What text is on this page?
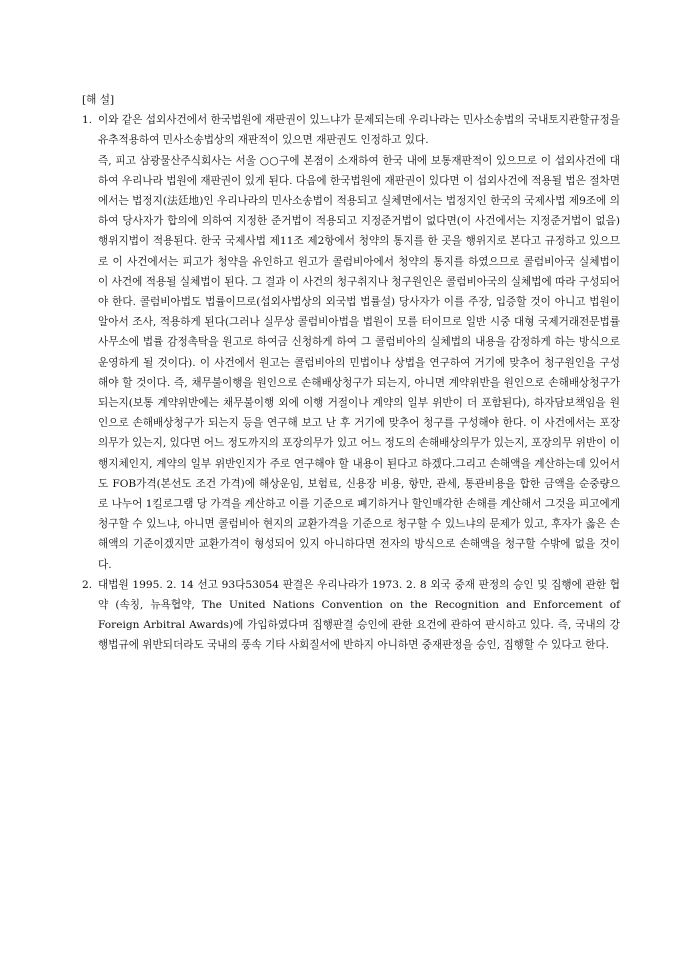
[해 설]
1. 이와 같은 섭외사건에서 한국법원에 재판권이 있느냐가 문제되는데 우리나라는 민사소송법의 국내토지관할규정을 유추적용하여 민사소송법상의 재판적이 있으면 재판권도 인정하고 있다.

즉, 피고 삼광물산주식회사는 서울 ○○구에 본점이 소재하여 한국 내에 보통재판적이 있으므로 이 섭외사건에 대하여 우리나라 법원에 재판권이 있게 된다. 다음에 한국법원에 재판권이 있다면 이 섭외사건에 적용될 법은 절차면에서는 법정지(法廷地)인 우리나라의 민사소송법이 적용되고 실체면에서는 법정지인 한국의 국제사법 제9조에 의하여 당사자가 합의에 의하여 지정한 준거법이 적용되고 지정준거법이 없다면(이 사건에서는 지정준거법이 없음) 행위지법이 적용된다. 한국 국제사법 제11조 제2항에서 청약의 통지를 한 곳을 행위지로 본다고 규정하고 있으므로 이 사건에서는 피고가 청약을 유인하고 원고가 콜럼비아에서 청약의 통지를 하였으므로 콜럼비아국 실체법이 이 사건에 적용될 실체법이 된다. 그 결과 이 사건의 청구취지나 청구원인은 콜럼비아국의 실체법에 따라 구성되어야 한다. 콜럼비아법도 법률이므로(섭외사법상의 외국법 법률설) 당사자가 이를 주장, 입증할 것이 아니고 법원이 알아서 조사, 적용하게 된다(그러나 실무상 콜럼비아법을 법원이 모를 터이므로 일반 시중 대형 국제거래전문법률사무소에 법률 감정촉탁을 원고로 하여금 신청하게 하여 그 콜럼비아의 실체법의 내용을 감정하게 하는 방식으로 운영하게 될 것이다). 이 사건에서 원고는 콜럼비아의 민법이나 상법을 연구하여 거기에 맞추어 청구원인을 구성해야 할 것이다. 즉, 채무불이행을 원인으로 손해배상청구가 되는지, 아니면 계약위반을 원인으로 손해배상청구가 되는지(보통 계약위반에는 채무불이행 외에 이행 거절이나 계약의 일부 위반이 더 포함된다), 하자담보책임을 원인으로 손해배상청구가 되는지 등을 연구해 보고 난 후 거기에 맞추어 청구를 구성해야 한다. 이 사건에서는 포장의무가 있는지, 있다면 어느 정도까지의 포장의무가 있고 어느 정도의 손해배상의무가 있는지, 포장의무 위반이 이행지체인지, 계약의 일부 위반인지가 주로 연구해야 할 내용이 된다고 하겠다.그리고 손해액을 계산하는데 있어서도 FOB가격(본선도 조건 가격)에 해상운임, 보험료, 신용장 비용, 항만, 관세, 통관비용을 합한 금액을 순중량으로 나누어 1킬로그램 당 가격을 계산하고 이를 기준으로 폐기하거나 할인매각한 손해를 계산해서 그것을 피고에게 청구할 수 있느냐, 아니면 콜럼비아 현지의 교환가격을 기준으로 청구할 수 있느냐의 문제가 있고, 후자가 옳은 손해액의 기준이겠지만 교환가격이 형성되어 있지 아니하다면 전자의 방식으로 손해액을 청구할 수밖에 없을 것이다.

2. 대법원 1995. 2. 14 선고 93다53054 판결은 우리나라가 1973. 2. 8 외국 중재 판정의 승인 및 집행에 관한 협약 (속칭, 뉴욕협약, The United Nations Convention on the Recognition and Enforcement of Foreign Arbitral Awards)에 가입하였다며 집행판결 승인에 관한 요건에 관하여 판시하고 있다. 즉, 국내의 강행법규에 위반되더라도 국내의 풍속 기타 사회질서에 반하지 아니하면 중재판정을 승인, 집행할 수 있다고 한다.
